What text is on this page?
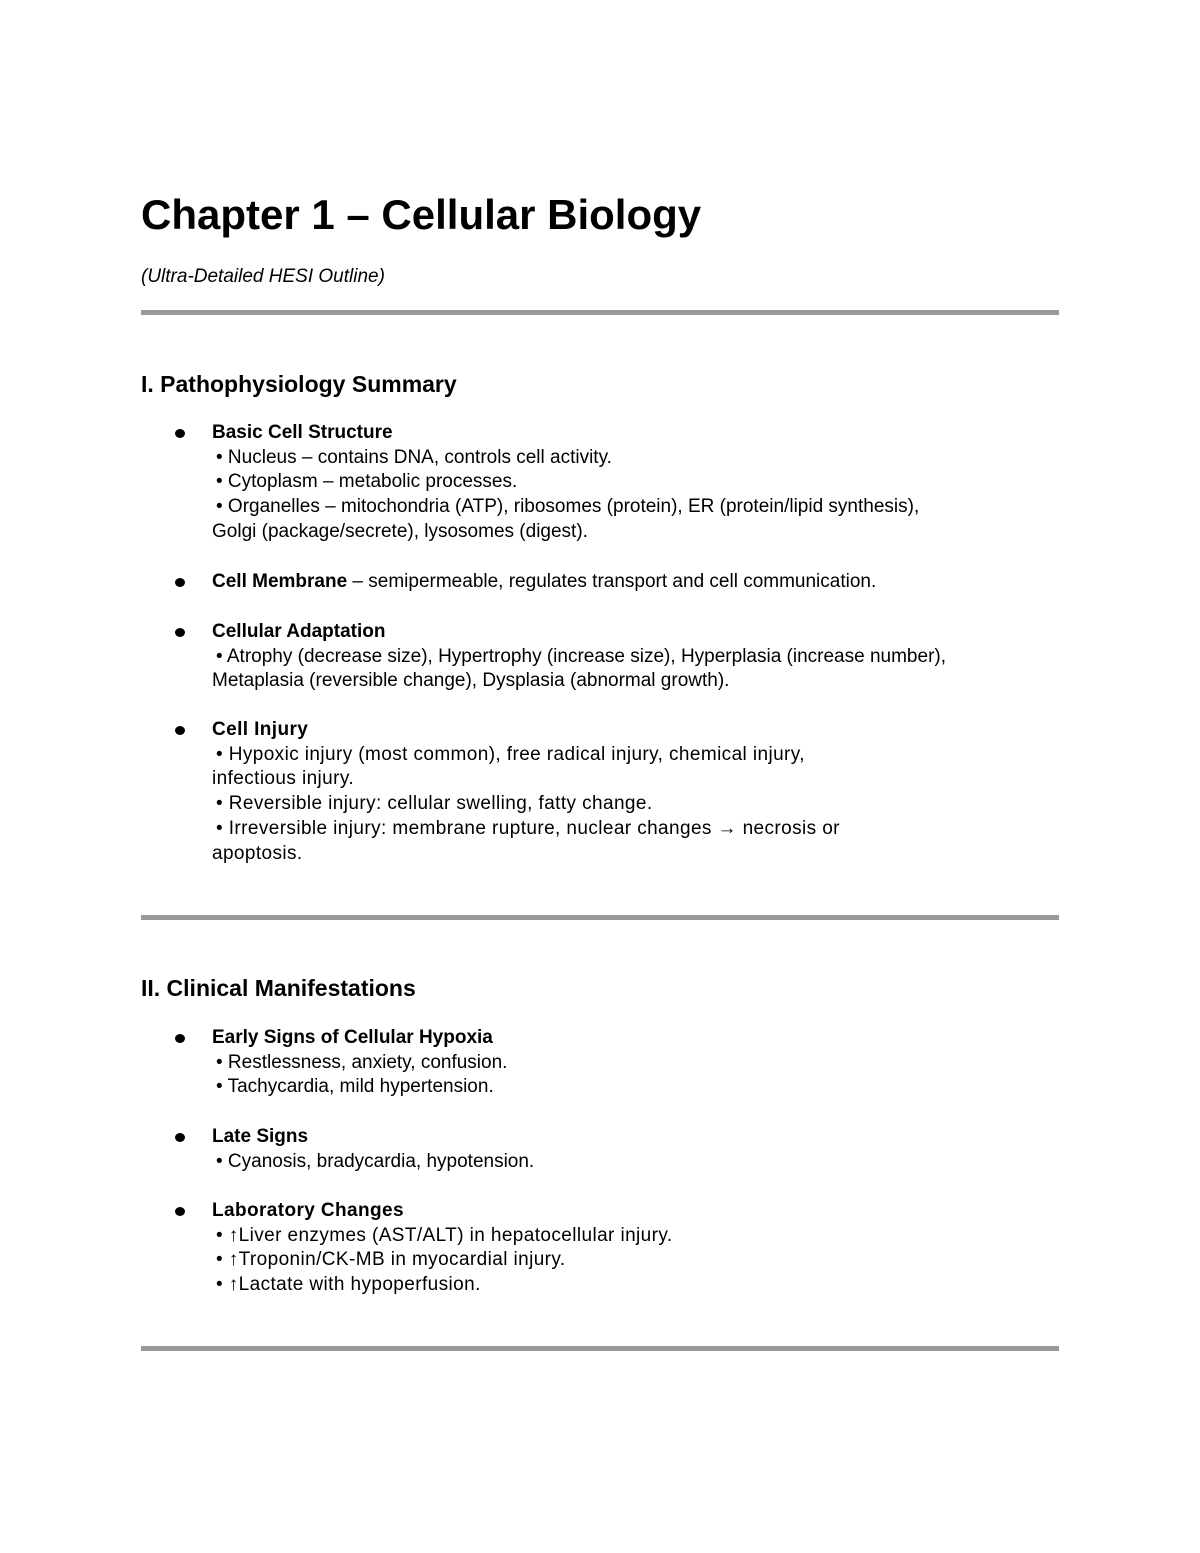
Chapter 1 – Cellular Biology

(Ultra-Detailed HESI Outline)

I. Pathophysiology Summary
Basic Cell Structure
• Nucleus – contains DNA, controls cell activity.
• Cytoplasm – metabolic processes.
• Organelles – mitochondria (ATP), ribosomes (protein), ER (protein/lipid synthesis),
Golgi (package/secrete), lysosomes (digest).
Cell Membrane – semipermeable, regulates transport and cell communication.
Cellular Adaptation
• Atrophy (decrease size), Hypertrophy (increase size), Hyperplasia (increase number),
Metaplasia (reversible change), Dysplasia (abnormal growth).
Cell Injury
• Hypoxic injury (most common), free radical injury, chemical injury,
infectious injury.
• Reversible injury: cellular swelling, fatty change.
• Irreversible injury: membrane rupture, nuclear changes → necrosis or
apoptosis.
II. Clinical Manifestations
Early Signs of Cellular Hypoxia
• Restlessness, anxiety, confusion.
• Tachycardia, mild hypertension.
Late Signs
• Cyanosis, bradycardia, hypotension.
Laboratory Changes
• ↑Liver enzymes (AST/ALT) in hepatocellular injury.
• ↑Troponin/CK-MB in myocardial injury.
• ↑Lactate with hypoperfusion.
